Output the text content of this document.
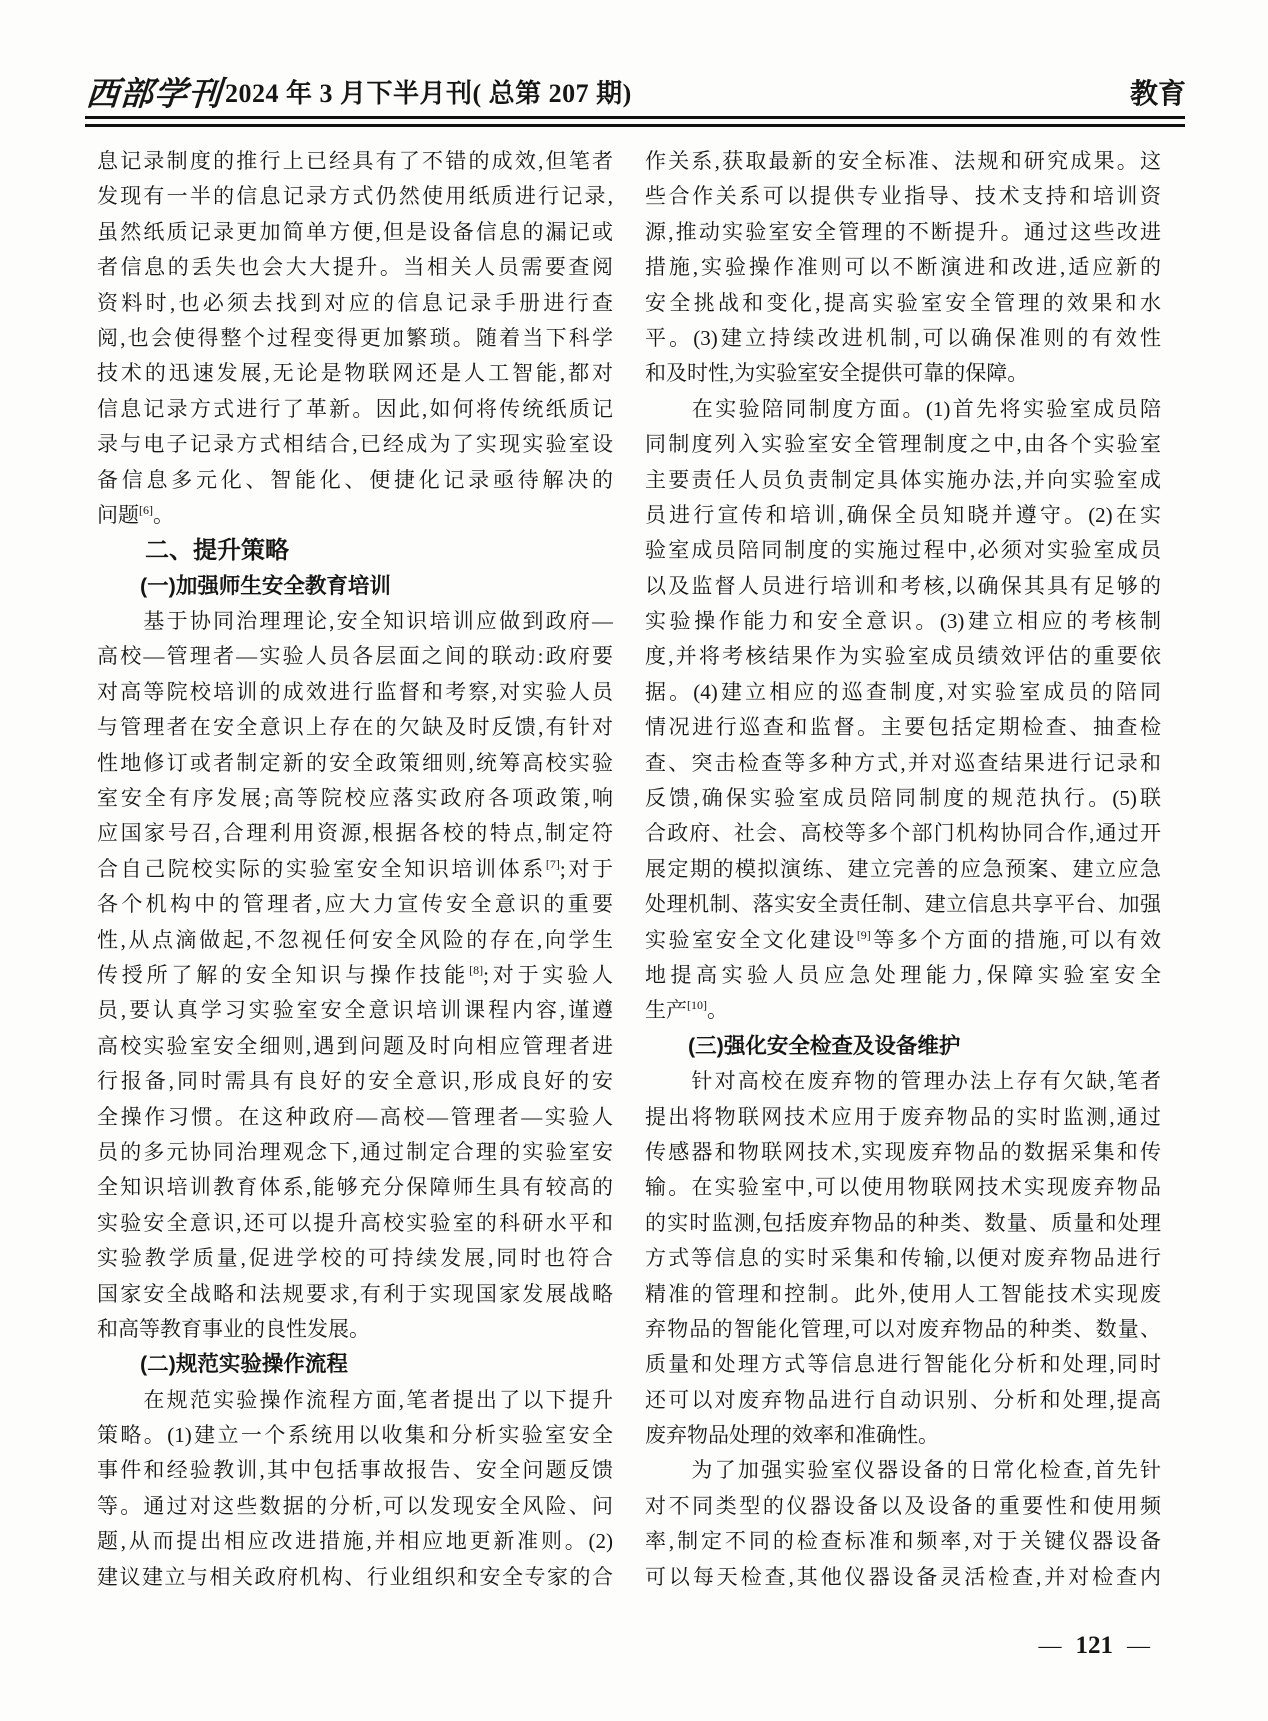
西部学刊 2024 年 3 月下半月刊( 总第 207 期)	教育
息记录制度的推行上已经具有了不错的成效,但笔者
发现有一半的信息记录方式仍然使用纸质进行记录,
虽然纸质记录更加简单方便,但是设备信息的漏记或
者信息的丢失也会大大提升。当相关人员需要查阅
资料时,也必须去找到对应的信息记录手册进行查
阅,也会使得整个过程变得更加繁琐。随着当下科学
技术的迅速发展,无论是物联网还是人工智能,都对
信息记录方式进行了革新。因此,如何将传统纸质记
录与电子记录方式相结合,已经成为了实现实验室设
备信息多元化、智能化、便捷化记录亟待解决的
问题[6]。
二、提升策略
(一)加强师生安全教育培训
　　基于协同治理理论,安全知识培训应做到政府—
高校—管理者—实验人员各层面之间的联动:政府要
对高等院校培训的成效进行监督和考察,对实验人员
与管理者在安全意识上存在的欠缺及时反馈,有针对
性地修订或者制定新的安全政策细则,统筹高校实验
室安全有序发展;高等院校应落实政府各项政策,响
应国家号召,合理利用资源,根据各校的特点,制定符
合自己院校实际的实验室安全知识培训体系[7];对于
各个机构中的管理者,应大力宣传安全意识的重要
性,从点滴做起,不忽视任何安全风险的存在,向学生
传授所了解的安全知识与操作技能[8];对于实验人
员,要认真学习实验室安全意识培训课程内容,谨遵
高校实验室安全细则,遇到问题及时向相应管理者进
行报备,同时需具有良好的安全意识,形成良好的安
全操作习惯。在这种政府—高校—管理者—实验人
员的多元协同治理观念下,通过制定合理的实验室安
全知识培训教育体系,能够充分保障师生具有较高的
实验安全意识,还可以提升高校实验室的科研水平和
实验教学质量,促进学校的可持续发展,同时也符合
国家安全战略和法规要求,有利于实现国家发展战略
和高等教育事业的良性发展。
(二)规范实验操作流程
　　在规范实验操作流程方面,笔者提出了以下提升
策略。(1)建立一个系统用以收集和分析实验室安全
事件和经验教训,其中包括事故报告、安全问题反馈
等。通过对这些数据的分析,可以发现安全风险、问
题,从而提出相应改进措施,并相应地更新准则。(2)
建议建立与相关政府机构、行业组织和安全专家的合
作关系,获取最新的安全标准、法规和研究成果。这
些合作关系可以提供专业指导、技术支持和培训资
源,推动实验室安全管理的不断提升。通过这些改进
措施,实验操作准则可以不断演进和改进,适应新的
安全挑战和变化,提高实验室安全管理的效果和水
平。(3)建立持续改进机制,可以确保准则的有效性
和及时性,为实验室安全提供可靠的保障。
　　在实验陪同制度方面。(1)首先将实验室成员陪
同制度列入实验室安全管理制度之中,由各个实验室
主要责任人员负责制定具体实施办法,并向实验室成
员进行宣传和培训,确保全员知晓并遵守。(2)在实
验室成员陪同制度的实施过程中,必须对实验室成员
以及监督人员进行培训和考核,以确保其具有足够的
实验操作能力和安全意识。(3)建立相应的考核制
度,并将考核结果作为实验室成员绩效评估的重要依
据。(4)建立相应的巡查制度,对实验室成员的陪同
情况进行巡查和监督。主要包括定期检查、抽查检
查、突击检查等多种方式,并对巡查结果进行记录和
反馈,确保实验室成员陪同制度的规范执行。(5)联
合政府、社会、高校等多个部门机构协同合作,通过开
展定期的模拟演练、建立完善的应急预案、建立应急
处理机制、落实安全责任制、建立信息共享平台、加强
实验室安全文化建设[9]等多个方面的措施,可以有效
地提高实验人员应急处理能力,保障实验室安全
生产[10]。
(三)强化安全检查及设备维护
　　针对高校在废弃物的管理办法上存有欠缺,笔者
提出将物联网技术应用于废弃物品的实时监测,通过
传感器和物联网技术,实现废弃物品的数据采集和传
输。在实验室中,可以使用物联网技术实现废弃物品
的实时监测,包括废弃物品的种类、数量、质量和处理
方式等信息的实时采集和传输,以便对废弃物品进行
精准的管理和控制。此外,使用人工智能技术实现废
弃物品的智能化管理,可以对废弃物品的种类、数量、
质量和处理方式等信息进行智能化分析和处理,同时
还可以对废弃物品进行自动识别、分析和处理,提高
废弃物品处理的效率和准确性。
　　为了加强实验室仪器设备的日常化检查,首先针
对不同类型的仪器设备以及设备的重要性和使用频
率,制定不同的检查标准和频率,对于关键仪器设备
可以每天检查,其他仪器设备灵活检查,并对检查内
— 121 —
